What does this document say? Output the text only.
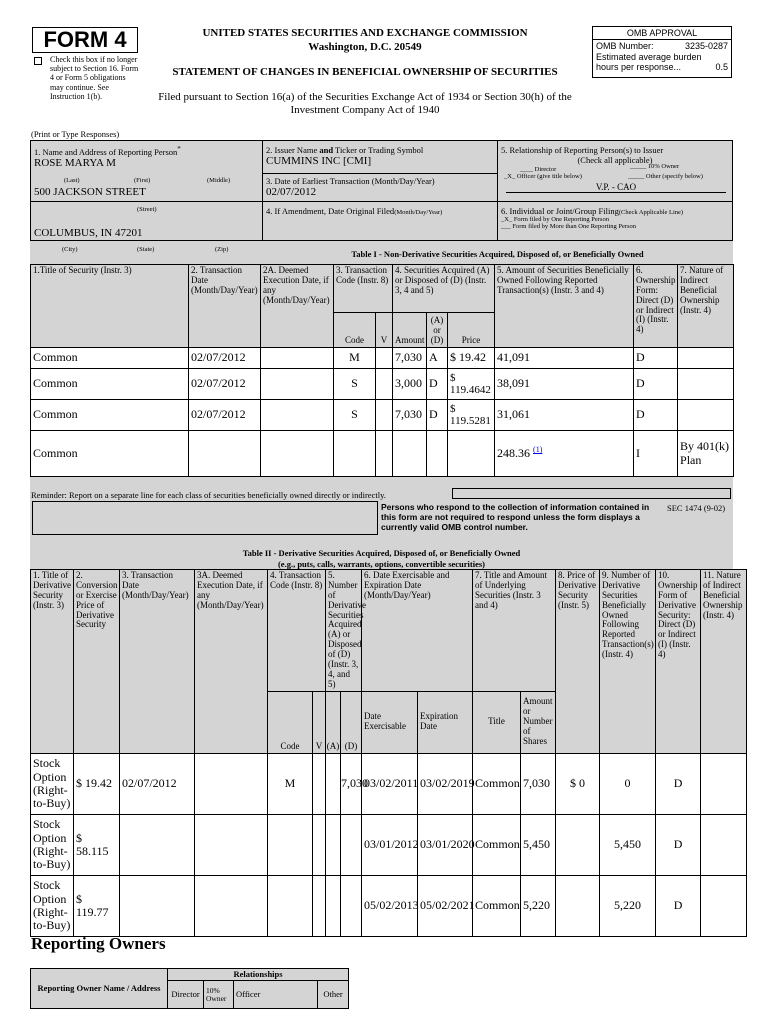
FORM 4
Check this box if no longer subject to Section 16. Form 4 or Form 5 obligations may continue. See Instruction 1(b).
UNITED STATES SECURITIES AND EXCHANGE COMMISSION
Washington, D.C. 20549
STATEMENT OF CHANGES IN BENEFICIAL OWNERSHIP OF SECURITIES
Filed pursuant to Section 16(a) of the Securities Exchange Act of 1934 or Section 30(h) of the
Investment Company Act of 1940
OMB APPROVAL
OMB Number:	3235-0287
Estimated average burden
hours per response...	0.5
(Print or Type Responses)
1. Name and Address of Reporting Person*
ROSE MARYA M
(Last)	(First)	(Middle)
500 JACKSON STREET
(Street)
COLUMBUS, IN 47201
(City)	(State)	(Zip)
2. Issuer Name and Ticker or Trading Symbol
CUMMINS INC [CMI]
3. Date of Earliest Transaction (Month/Day/Year)
02/07/2012
4. If Amendment, Date Original Filed(Month/Day/Year)
5. Relationship of Reporting Person(s) to Issuer
(Check all applicable)
____ Director	_____ 10% Owner
_X_ Officer (give title below)	_____ Other (specify below)
V.P. - CAO
6. Individual or Joint/Group Filing(Check Applicable Line)
_X_ Form filed by One Reporting Person
___ Form filed by More than One Reporting Person
Table I - Non-Derivative Securities Acquired, Disposed of, or Beneficially Owned
1.Title of Security (Instr. 3)	2. Transaction Date (Month/Day/Year)	2A. Deemed Execution Date, if any (Month/Day/Year)	3. Transaction Code (Instr. 8)		4. Securities Acquired (A) or Disposed of (D) (Instr. 3, 4 and 5)			5. Amount of Securities Beneficially Owned Following Reported Transaction(s) (Instr. 3 and 4)	6. Ownership Form: Direct (D) or Indirect (I) (Instr. 4)	7. Nature of Indirect Beneficial Ownership (Instr. 4)
			Code	V	Amount	(A) or (D)	Price			
Common	02/07/2012		M		7,030	A	$ 19.42	41,091	D	
Common	02/07/2012		S		3,000	D	$ 119.4642	38,091	D	
Common	02/07/2012		S		7,030	D	$ 119.5281	31,061	D	
Common								248.36 $^{(1)}$	I	By 401(k) Plan
Reminder: Report on a separate line for each class of securities beneficially owned directly or indirectly.
Persons who respond to the collection of information contained in this form are not required to respond unless the form displays a currently valid OMB control number.
SEC 1474 (9-02)
Table II - Derivative Securities Acquired, Disposed of, or Beneficially Owned
(e.g., puts, calls, warrants, options, convertible securities)
1. Title of Derivative Security (Instr. 3)	2. Conversion or Exercise Price of Derivative Security	3. Transaction Date (Month/Day/Year)	3A. Deemed Execution Date, if any (Month/Day/Year)	4. Transaction Code (Instr. 8)		5. Number of Derivative Securities Acquired (A) or Disposed of (D) (Instr. 3, 4, and 5)		6. Date Exercisable and Expiration Date (Month/Day/Year)		7. Title and Amount of Underlying Securities (Instr. 3 and 4)		8. Price of Derivative Security (Instr. 5)	9. Number of Derivative Securities Beneficially Owned Following Reported Transaction(s) (Instr. 4)	10. Ownership Form of Derivative Security: Direct (D) or Indirect (I) (Instr. 4)	11. Nature of Indirect Beneficial Ownership (Instr. 4)
				Code	V	(A)	(D)	Date Exercisable	Expiration Date	Title	Amount or Number of Shares				
Stock Option (Right-to-Buy)	$ 19.42	02/07/2012		M			7,030	03/02/2011	03/02/2019	Common	7,030	$ 0	0	D	
Stock Option (Right-to-Buy)	$ 58.115							03/01/2012	03/01/2020	Common	5,450		5,450	D	
Stock Option (Right-to-Buy)	$ 119.77							05/02/2013	05/02/2021	Common	5,220		5,220	D	
Reporting Owners
Reporting Owner Name / Address	Relationships			
	Director	10% Owner	Officer	Other
